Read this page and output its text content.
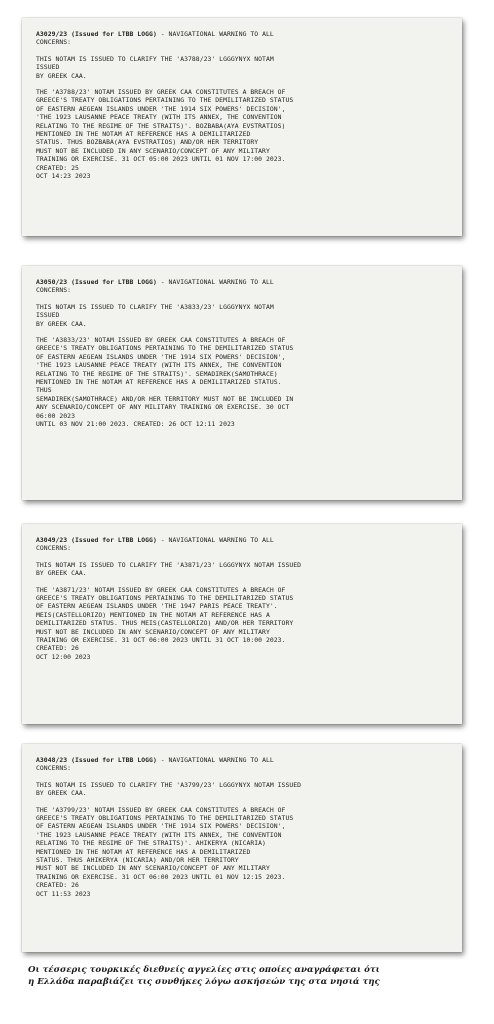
A3029/23 (Issued for LTBB LOGG) - NAVIGATIONAL WARNING TO ALL
CONCERNS:
THIS NOTAM IS ISSUED TO CLARIFY THE 'A3788/23' LGGGYNYX NOTAM
ISSUED
BY GREEK CAA.
THE 'A3788/23' NOTAM ISSUED BY GREEK CAA CONSTITUTES A BREACH OF
GREECE'S TREATY OBLIGATIONS PERTAINING TO THE DEMILITARIZED STATUS
OF EASTERN AEGEAN ISLANDS UNDER 'THE 1914 SIX POWERS' DECISION',
'THE 1923 LAUSANNE PEACE TREATY (WITH ITS ANNEX, THE CONVENTION
RELATING TO THE REGIME OF THE STRAITS)'. BOZBABA(AYA EVSTRATIOS)
MENTIONED IN THE NOTAM AT REFERENCE HAS A DEMILITARIZED
STATUS. THUS BOZBABA(AYA EVSTRATIOS) AND/OR HER TERRITORY
MUST NOT BE INCLUDED IN ANY SCENARIO/CONCEPT OF ANY MILITARY
TRAINING OR EXERCISE. 31 OCT 05:00 2023 UNTIL 01 NOV 17:00 2023.
CREATED: 25
OCT 14:23 2023
A3050/23 (Issued for LTBB LOGG) - NAVIGATIONAL WARNING TO ALL
CONCERNS:
THIS NOTAM IS ISSUED TO CLARIFY THE 'A3833/23' LGGGYNYX NOTAM
ISSUED
BY GREEK CAA.
THE 'A3833/23' NOTAM ISSUED BY GREEK CAA CONSTITUTES A BREACH OF
GREECE'S TREATY OBLIGATIONS PERTAINING TO THE DEMILITARIZED STATUS
OF EASTERN AEGEAN ISLANDS UNDER 'THE 1914 SIX POWERS' DECISION',
'THE 1923 LAUSANNE PEACE TREATY (WITH ITS ANNEX, THE CONVENTION
RELATING TO THE REGIME OF THE STRAITS)'. SEMADIREK(SAMOTHRACE)
MENTIONED IN THE NOTAM AT REFERENCE HAS A DEMILITARIZED STATUS.
THUS
SEMADIREK(SAMOTHRACE) AND/OR HER TERRITORY MUST NOT BE INCLUDED IN
ANY SCENARIO/CONCEPT OF ANY MILITARY TRAINING OR EXERCISE. 30 OCT
06:00 2023
UNTIL 03 NOV 21:00 2023. CREATED: 26 OCT 12:11 2023
A3049/23 (Issued for LTBB LOGG) - NAVIGATIONAL WARNING TO ALL
CONCERNS:
THIS NOTAM IS ISSUED TO CLARIFY THE 'A3871/23' LGGGYNYX NOTAM ISSUED
BY GREEK CAA.
THE 'A3871/23' NOTAM ISSUED BY GREEK CAA CONSTITUTES A BREACH OF
GREECE'S TREATY OBLIGATIONS PERTAINING TO THE DEMILITARIZED STATUS
OF EASTERN AEGEAN ISLANDS UNDER 'THE 1947 PARIS PEACE TREATY'.
MEIS(CASTELLORIZO) MENTIONED IN THE NOTAM AT REFERENCE HAS A
DEMILITARIZED STATUS. THUS MEIS(CASTELLORIZO) AND/OR HER TERRITORY
MUST NOT BE INCLUDED IN ANY SCENARIO/CONCEPT OF ANY MILITARY
TRAINING OR EXERCISE. 31 OCT 06:00 2023 UNTIL 31 OCT 10:00 2023.
CREATED: 26
OCT 12:00 2023
A3048/23 (Issued for LTBB LOGG) - NAVIGATIONAL WARNING TO ALL
CONCERNS:
THIS NOTAM IS ISSUED TO CLARIFY THE 'A3799/23' LGGGYNYX NOTAM ISSUED
BY GREEK CAA.
THE 'A3799/23' NOTAM ISSUED BY GREEK CAA CONSTITUTES A BREACH OF
GREECE'S TREATY OBLIGATIONS PERTAINING TO THE DEMILITARIZED STATUS
OF EASTERN AEGEAN ISLANDS UNDER 'THE 1914 SIX POWERS' DECISION',
'THE 1923 LAUSANNE PEACE TREATY (WITH ITS ANNEX, THE CONVENTION
RELATING TO THE REGIME OF THE STRAITS)'. AHIKERYA (NICARIA)
MENTIONED IN THE NOTAM AT REFERENCE HAS A DEMILITARIZED
STATUS. THUS AHIKERYA (NICARIA) AND/OR HER TERRITORY
MUST NOT BE INCLUDED IN ANY SCENARIO/CONCEPT OF ANY MILITARY
TRAINING OR EXERCISE. 31 OCT 06:00 2023 UNTIL 01 NOV 12:15 2023.
CREATED: 26
OCT 11:53 2023
Οι τέσσερις τουρκικές διεθνείς αγγελίες στις οποίες αναγράφεται ότι
η Ελλάδα παραβιάζει τις συνθήκες λόγω ασκήσεών της στα νησιά της
